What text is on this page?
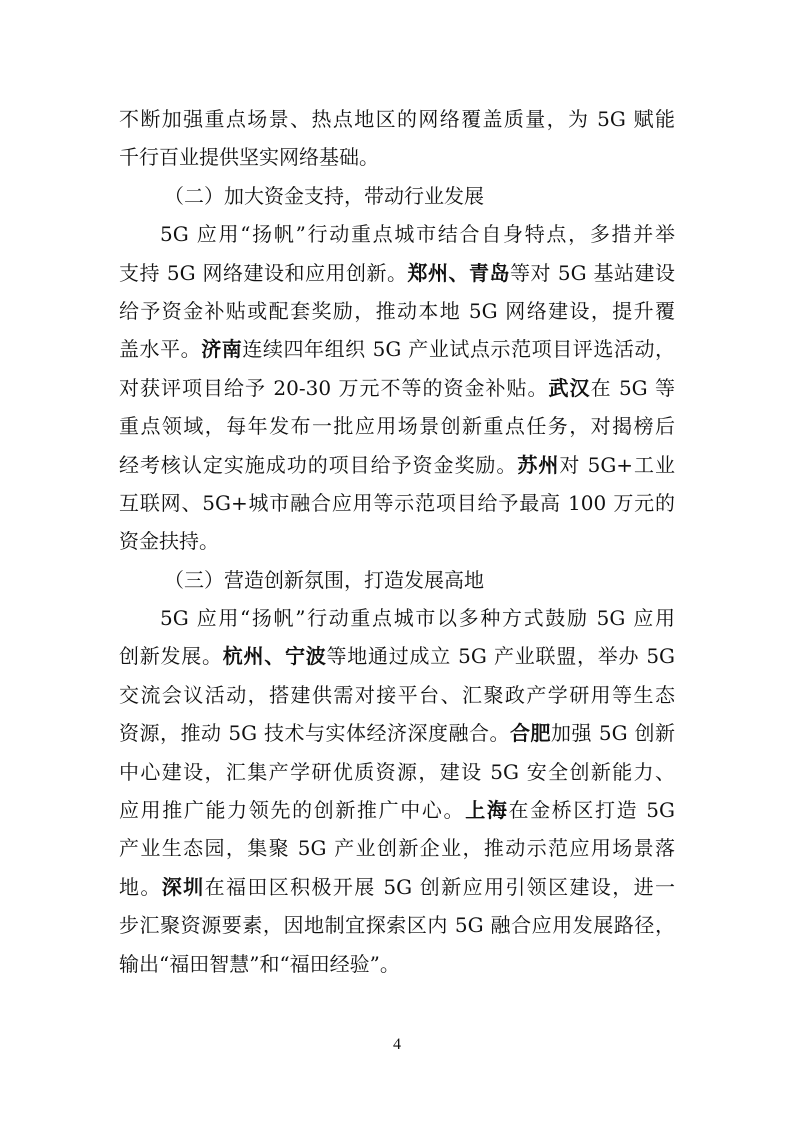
不断加强重点场景、热点地区的网络覆盖质量，为 5G 赋能
千行百业提供坚实网络基础。
（二）加大资金支持，带动行业发展
5G 应用“扬帆”行动重点城市结合自身特点，多措并举
支持 5G 网络建设和应用创新。郑州、青岛等对 5G 基站建设
给予资金补贴或配套奖励，推动本地 5G 网络建设，提升覆
盖水平。济南连续四年组织 5G 产业试点示范项目评选活动，
对获评项目给予 20-30 万元不等的资金补贴。武汉在 5G 等
重点领域，每年发布一批应用场景创新重点任务，对揭榜后
经考核认定实施成功的项目给予资金奖励。苏州对 5G+工业
互联网、5G+城市融合应用等示范项目给予最高 100 万元的
资金扶持。
（三）营造创新氛围，打造发展高地
5G 应用“扬帆”行动重点城市以多种方式鼓励 5G 应用
创新发展。杭州、宁波等地通过成立 5G 产业联盟，举办 5G
交流会议活动，搭建供需对接平台、汇聚政产学研用等生态
资源，推动 5G 技术与实体经济深度融合。合肥加强 5G 创新
中心建设，汇集产学研优质资源，建设 5G 安全创新能力、
应用推广能力领先的创新推广中心。上海在金桥区打造 5G
产业生态园，集聚 5G 产业创新企业，推动示范应用场景落
地。深圳在福田区积极开展 5G 创新应用引领区建设，进一
步汇聚资源要素，因地制宜探索区内 5G 融合应用发展路径，
输出“福田智慧”和“福田经验”。
4
